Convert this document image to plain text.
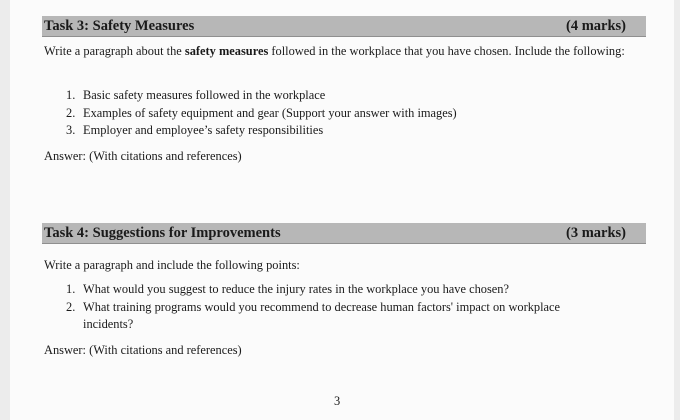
Task 3: Safety Measures	(4 marks)
Write a paragraph about the safety measures followed in the workplace that you have chosen. Include the following:
1. Basic safety measures followed in the workplace
2. Examples of safety equipment and gear (Support your answer with images)
3. Employer and employee’s safety responsibilities
Answer: (With citations and references)
Task 4: Suggestions for Improvements	(3 marks)
Write a paragraph and include the following points:
1. What would you suggest to reduce the injury rates in the workplace you have chosen?
2. What training programs would you recommend to decrease human factors' impact on workplace incidents?
Answer: (With citations and references)
3
